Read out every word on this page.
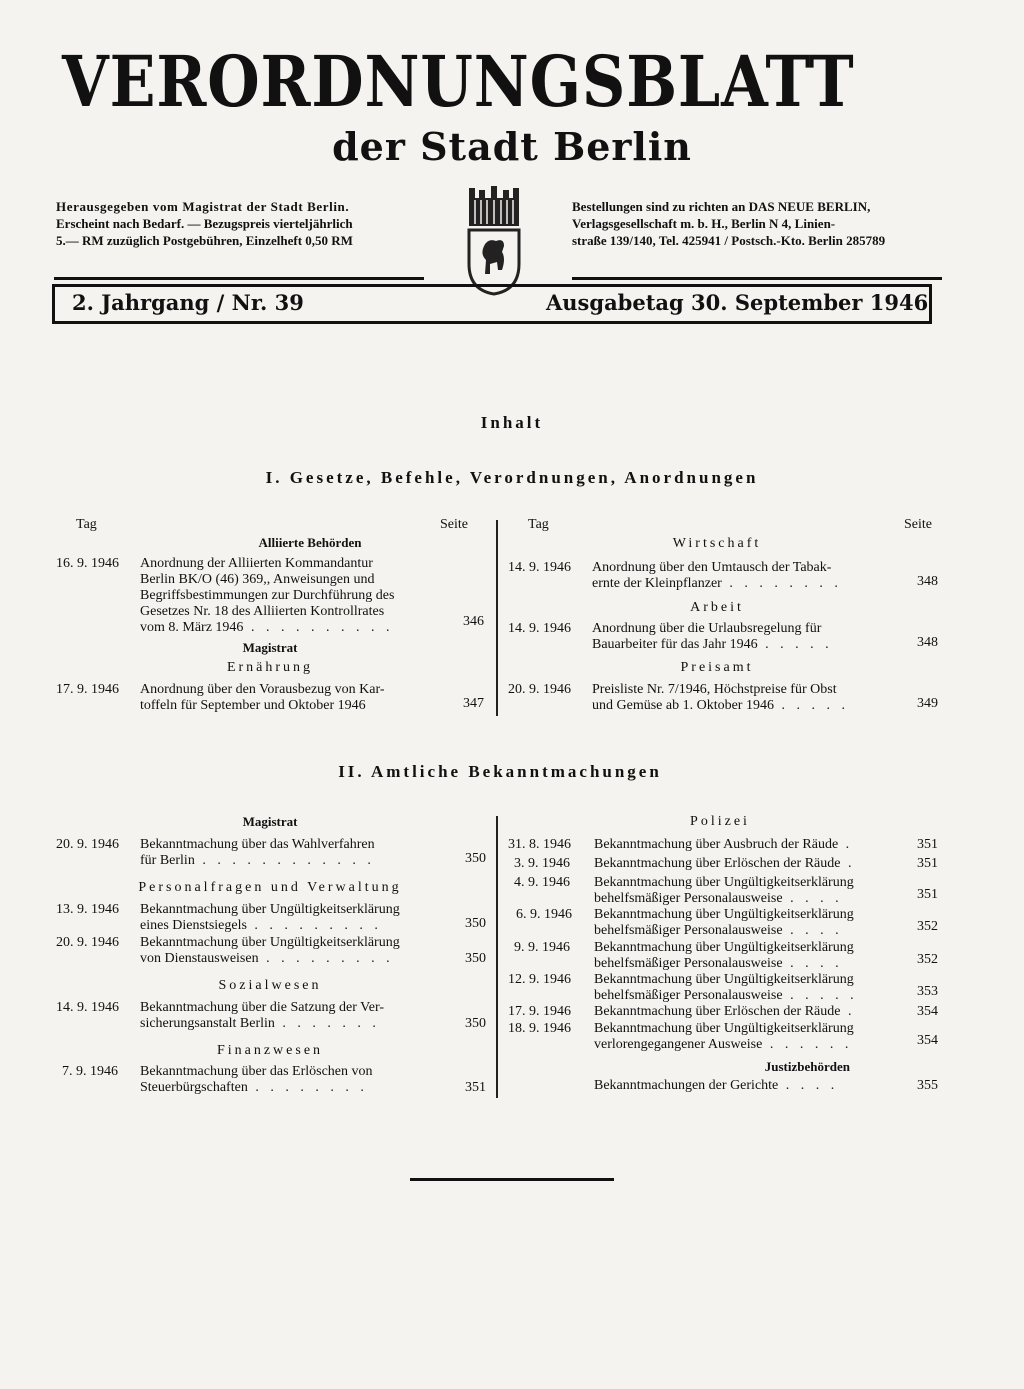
VERORDNUNGSBLATT
der Stadt Berlin
Herausgegeben vom Magistrat der Stadt Berlin.
Erscheint nach Bedarf. — Bezugspreis vierteljährlich
5.— RM zuzüglich Postgebühren, Einzelheft 0,50 RM
Bestellungen sind zu richten an DAS NEUE BERLIN,
Verlagsgesellschaft m. b. H., Berlin N 4, Linien-
straße 139/140, Tel. 425941 / Postsch.-Kto. Berlin 285789
2. Jahrgang / Nr. 39	Ausgabetag 30. September 1946
Inhalt
I. Gesetze, Befehle, Verordnungen, Anordnungen
Tag	Seite	Tag	Seite
Alliierte Behörden
16. 9. 1946 Anordnung der Alliierten Kommandantur
Berlin BK/O (46) 369,, Anweisungen und
Begriffsbestimmungen zur Durchführung des
Gesetzes Nr. 18 des Alliierten Kontrollrates
vom 8. März 1946 . . . . . . . . . .	346
Magistrat
Ernährung
17. 9. 1946 Anordnung über den Vorausbezug von Kar-
toffeln für September und Oktober 1946	347
Wirtschaft
14. 9. 1946 Anordnung über den Umtausch der Tabak-
ernte der Kleinpflanzer . . . . . . . .	348
Arbeit
14. 9. 1946 Anordnung über die Urlaubsregelung für
Bauarbeiter für das Jahr 1946 . . . . .	348
Preisamt
20. 9. 1946 Preisliste Nr. 7/1946, Höchstpreise für Obst
und Gemüse ab 1. Oktober 1946 . . . . .	349
II. Amtliche Bekanntmachungen
Magistrat
20. 9. 1946 Bekanntmachung über das Wahlverfahren
für Berlin . . . . . . . . . . . .	350
Personalfragen und Verwaltung
13. 9. 1946 Bekanntmachung über Ungültigkeitserklärung
eines Dienstsiegels . . . . . . . . .	350
20. 9. 1946 Bekanntmachung über Ungültigkeitserklärung
von Dienstausweisen . . . . . . . . .	350
Sozialwesen
14. 9. 1946 Bekanntmachung über die Satzung der Ver-
sicherungsanstalt Berlin . . . . . . .	350
Finanzwesen
7. 9. 1946 Bekanntmachung über das Erlöschen von
Steuerbürgschaften . . . . . . . .	351
Polizei
31. 8. 1946 Bekanntmachung über Ausbruch der Räude .	351
3. 9. 1946 Bekanntmachung über Erlöschen der Räude .	351
4. 9. 1946 Bekanntmachung über Ungültigkeitserklärung
behelfsmäßiger Personalausweise . . . .	351
6. 9. 1946 Bekanntmachung über Ungültigkeitserklärung
behelfsmäßiger Personalausweise . . . .	352
9. 9. 1946 Bekanntmachung über Ungültigkeitserklärung
behelfsmäßiger Personalausweise . . . .	352
12. 9. 1946 Bekanntmachung über Ungültigkeitserklärung
behelfsmäßiger Personalausweise . . . . .	353
17. 9. 1946 Bekanntmachung über Erlöschen der Räude .	354
18. 9. 1946 Bekanntmachung über Ungültigkeitserklärung
verlorengegangener Ausweise . . . . . .	354
Justizbehörden
Bekanntmachungen der Gerichte . . . .	355
